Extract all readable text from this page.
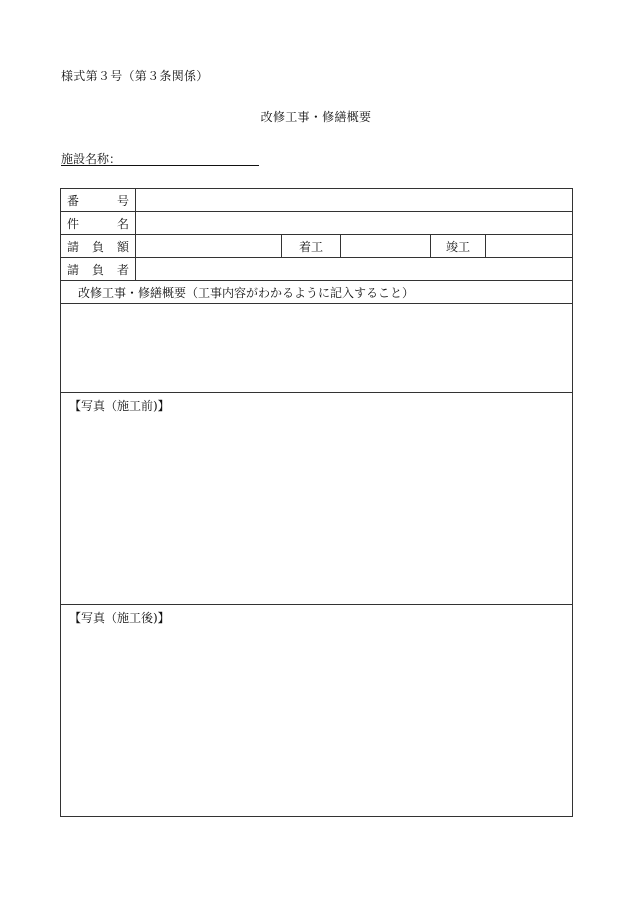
様式第３号（第３条関係）
改修工事・修繕概要
施設名称：
番 号					

件 名					

請 負 額		着工		竣工	

請 負 者					

改修工事・修繕概要（工事内容がわかるように記入すること）					

【写真（施工前)】					

【写真（施工後)】					
